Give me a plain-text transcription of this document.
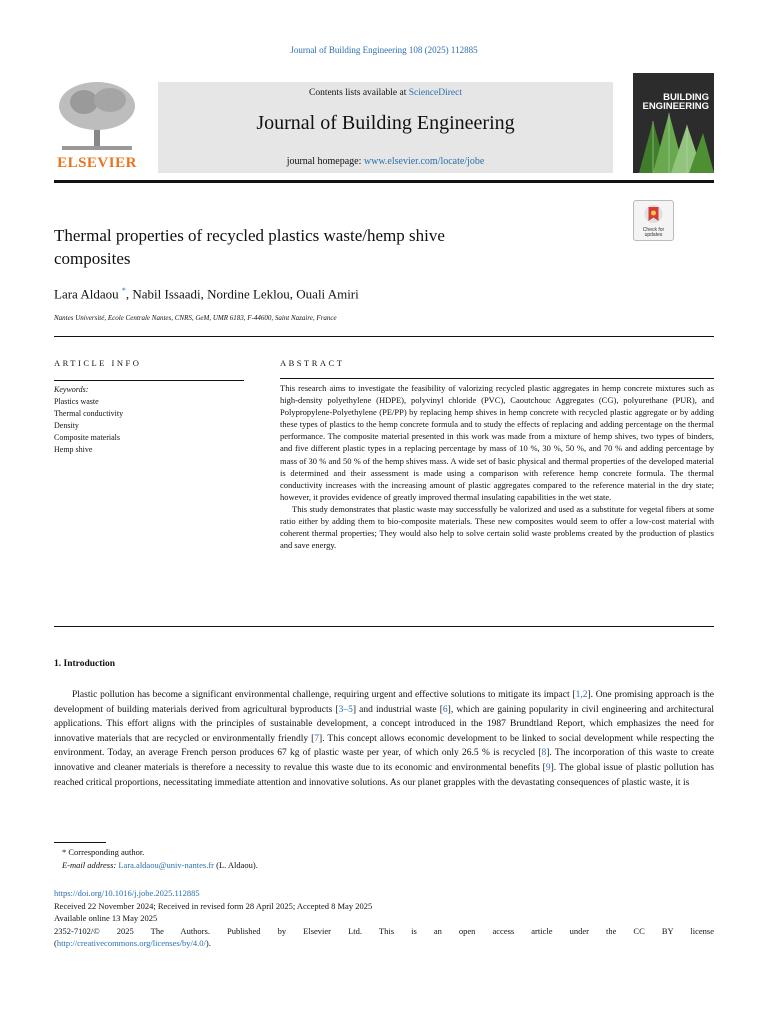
Journal of Building Engineering 108 (2025) 112885
ELSEVIER
Contents lists available at ScienceDirect
Journal of Building Engineering
journal homepage: www.elsevier.com/locate/jobe
BUILDING
ENGINEERING
Check for
updates
Thermal properties of recycled plastics waste/hemp shive composites
Lara Aldaou *, Nabil Issaadi, Nordine Leklou, Ouali Amiri
Nantes Université, Ecole Centrale Nantes, CNRS, GeM, UMR 6183, F-44600, Saint Nazaire, France
ARTICLE INFO
Keywords:
Plastics waste
Thermal conductivity
Density
Composite materials
Hemp shive
ABSTRACT

This research aims to investigate the feasibility of valorizing recycled plastic aggregates in hemp concrete mixtures such as high-density polyethylene (HDPE), polyvinyl chloride (PVC), Caoutchouc Aggregates (CG), polyurethane (PUR), and Polypropylene-Polyethylene (PE/PP) by replacing hemp shives in hemp concrete with recycled plastic aggregate or by adding these types of plastics to the hemp concrete formula and to study the effects of replacing and adding percentage on the thermal performance. The composite material presented in this work was made from a mixture of hemp shives, two types of binders, and five different plastic types in a replacing percentage by mass of 10 %, 30 %, 50 %, and 70 % and adding percentage by mass of 30 % and 50 % of the hemp shives mass. A wide set of basic physical and thermal properties of the developed material is determined and their assessment is made using a comparison with reference hemp concrete formula. The thermal conductivity increases with the increasing amount of plastic aggregates compared to the reference material in the dry state; however, it provides evidence of greatly improved thermal insulating capabilities in the wet state.

This study demonstrates that plastic waste may successfully be valorized and used as a substitute for vegetal fibers at some ratio either by adding them to bio-composite materials. These new composites would seem to offer a low-cost material with coherent thermal properties; They would also help to solve certain solid waste problems created by the production of plastics and save energy.

1. Introduction
Plastic pollution has become a significant environmental challenge, requiring urgent and effective solutions to mitigate its impact [1,2]. One promising approach is the development of building materials derived from agricultural byproducts [3–5] and industrial waste [6], which are gaining popularity in civil engineering and architectural applications. This effort aligns with the principles of sustainable development, a concept introduced in the 1987 Brundtland Report, which emphasizes the need for innovative materials that are recycled or environmentally friendly [7]. This concept allows economic development to be linked to social development while respecting the environment. Today, an average French person produces 67 kg of plastic waste per year, of which only 26.5 % is recycled [8]. The incorporation of this waste to create innovative and cleaner materials is therefore a necessity to revalue this waste due to its economic and environmental benefits [9]. The global issue of plastic pollution has reached critical proportions, necessitating immediate attention and innovative solutions. As our planet grapples with the devastating consequences of plastic waste, it is
* Corresponding author.
E-mail address: Lara.aldaou@univ-nantes.fr (L. Aldaou).
https://doi.org/10.1016/j.jobe.2025.112885
Received 22 November 2024; Received in revised form 28 April 2025; Accepted 8 May 2025
Available online 13 May 2025
2352-7102/© 2025 The Authors. Published by Elsevier Ltd. This is an open access article under the CC BY license
(http://creativecommons.org/licenses/by/4.0/).
